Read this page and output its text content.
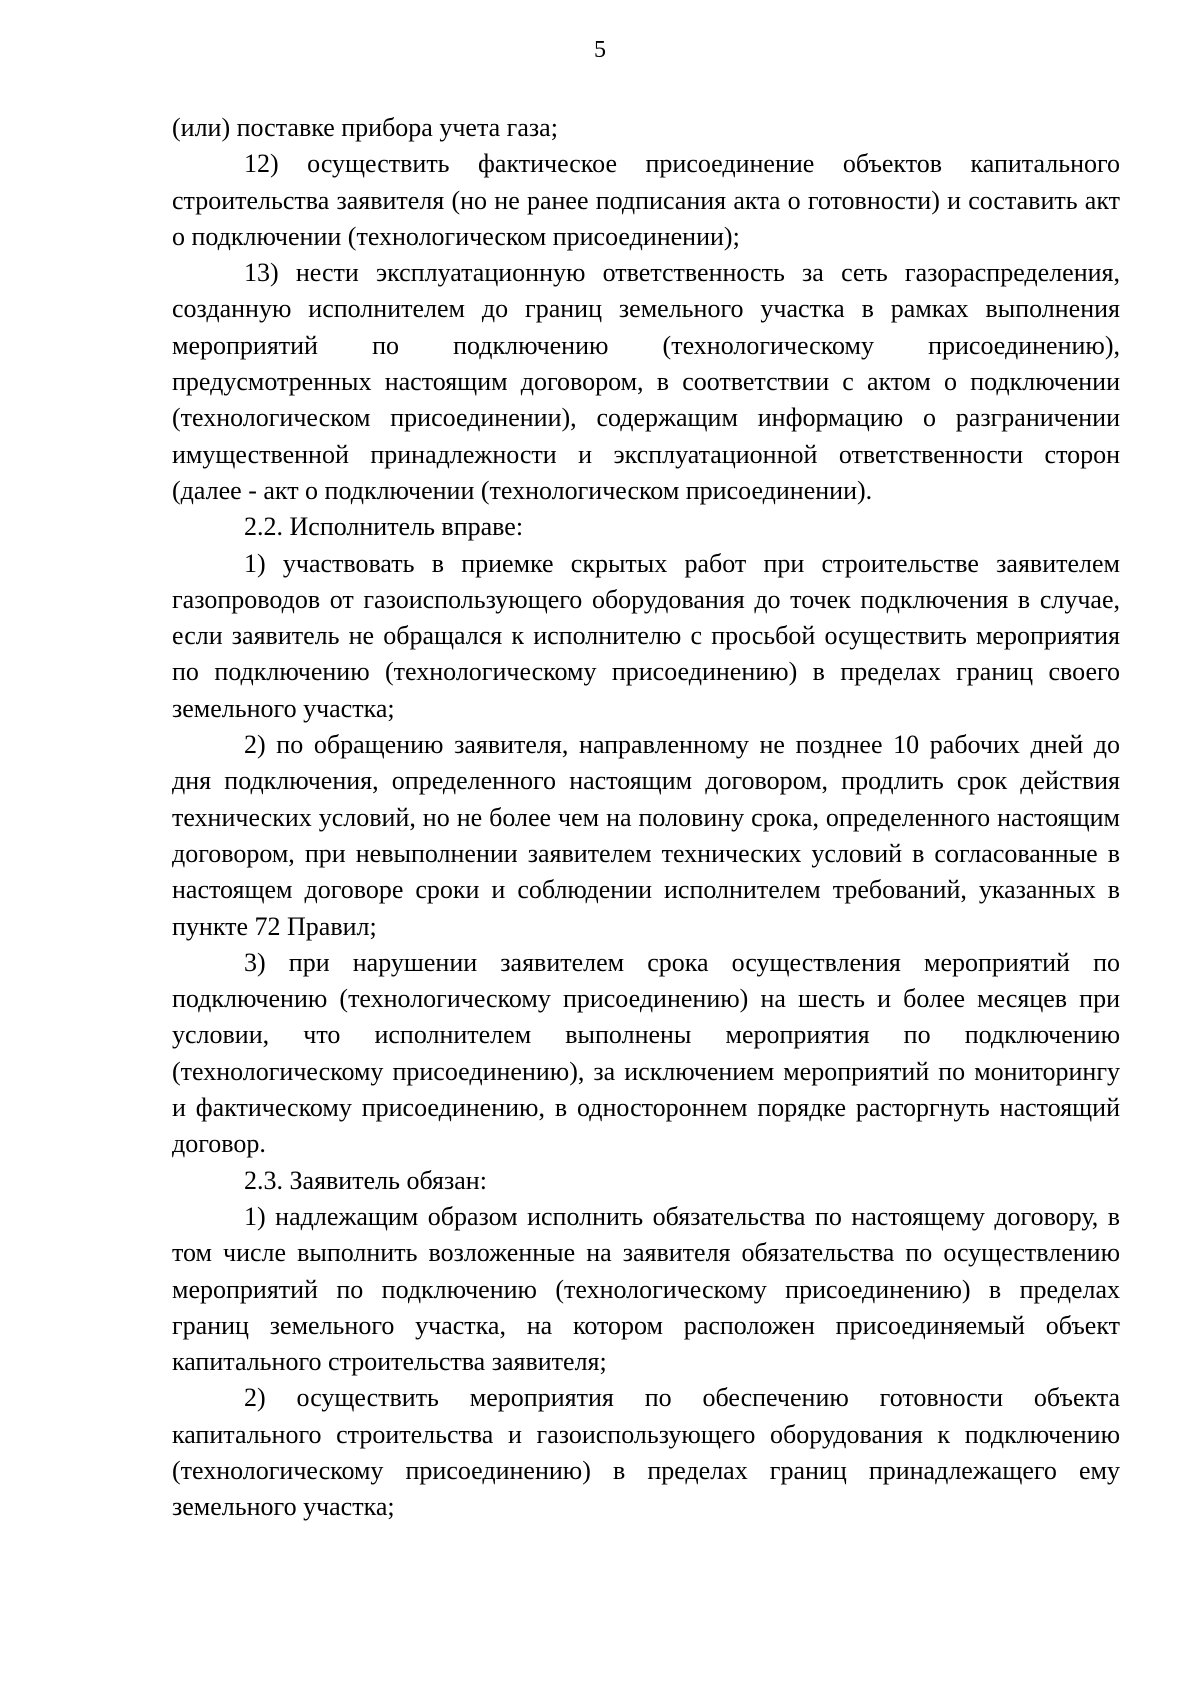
5

(или) поставке прибора учета газа;

12) осуществить фактическое присоединение объектов капитального строительства заявителя (но не ранее подписания акта о готовности) и составить акт о подключении (технологическом присоединении);

13) нести эксплуатационную ответственность за сеть газораспределения, созданную исполнителем до границ земельного участка в рамках выполнения мероприятий по подключению (технологическому присоединению), предусмотренных настоящим договором, в соответствии с актом о подключении (технологическом присоединении), содержащим информацию о разграничении имущественной принадлежности и эксплуатационной ответственности сторон (далее - акт о подключении (технологическом присоединении).

2.2. Исполнитель вправе:

1) участвовать в приемке скрытых работ при строительстве заявителем газопроводов от газоиспользующего оборудования до точек подключения в случае, если заявитель не обращался к исполнителю с просьбой осуществить мероприятия по подключению (технологическому присоединению) в пределах границ своего земельного участка;

2) по обращению заявителя, направленному не позднее 10 рабочих дней до дня подключения, определенного настоящим договором, продлить срок действия технических условий, но не более чем на половину срока, определенного настоящим договором, при невыполнении заявителем технических условий в согласованные в настоящем договоре сроки и соблюдении исполнителем требований, указанных в пункте 72 Правил;

3) при нарушении заявителем срока осуществления мероприятий по подключению (технологическому присоединению) на шесть и более месяцев при условии, что исполнителем выполнены мероприятия по подключению (технологическому присоединению), за исключением мероприятий по мониторингу и фактическому присоединению, в одностороннем порядке расторгнуть настоящий договор.

2.3. Заявитель обязан:

1) надлежащим образом исполнить обязательства по настоящему договору, в том числе выполнить возложенные на заявителя обязательства по осуществлению мероприятий по подключению (технологическому присоединению) в пределах границ земельного участка, на котором расположен присоединяемый объект капитального строительства заявителя;

2) осуществить мероприятия по обеспечению готовности объекта капитального строительства и газоиспользующего оборудования к подключению (технологическому присоединению) в пределах границ принадлежащего ему земельного участка;
